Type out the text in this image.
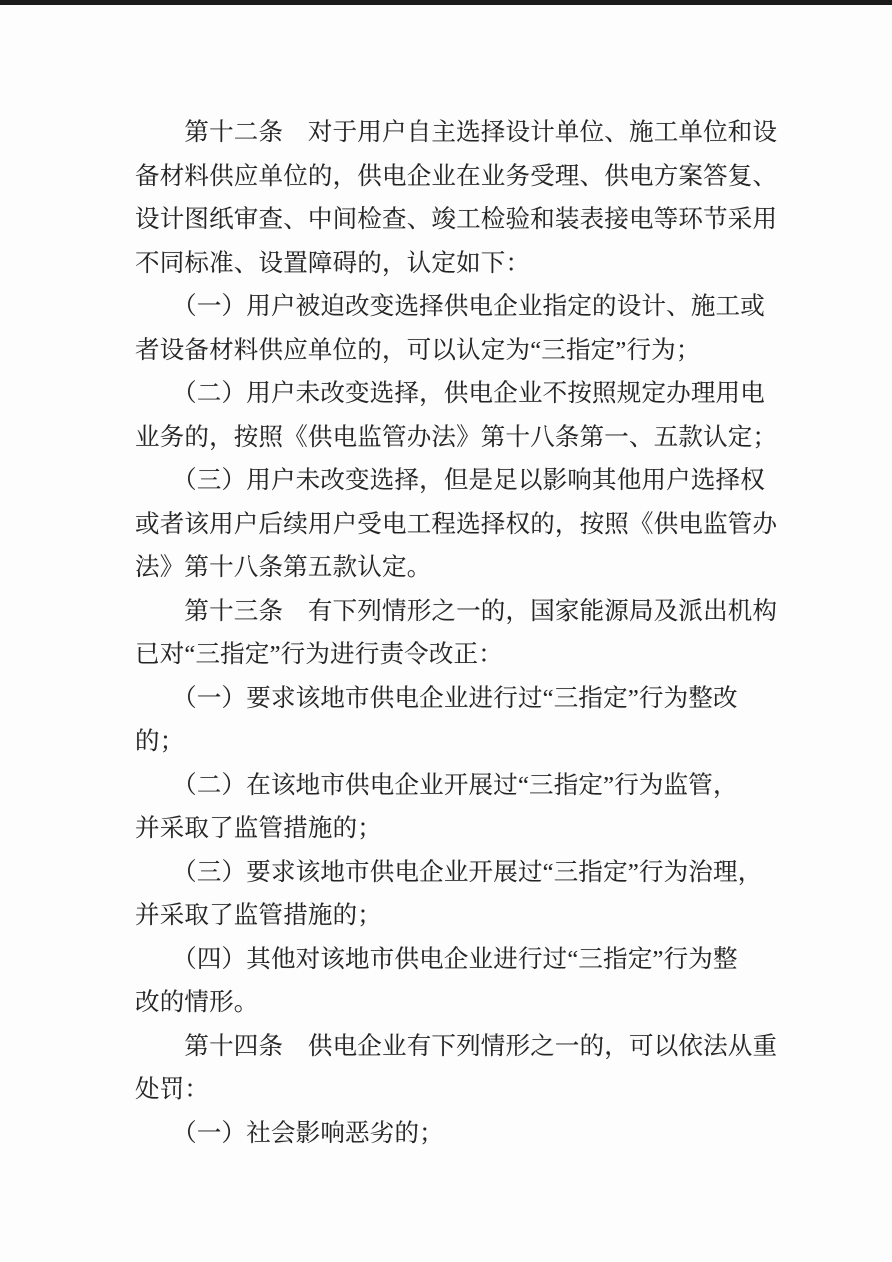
　　第十二条　对于用户自主选择设计单位、施工单位和设
备材料供应单位的，供电企业在业务受理、供电方案答复、
设计图纸审查、中间检查、竣工检验和装表接电等环节采用
不同标准、设置障碍的，认定如下：
　　（一）用户被迫改变选择供电企业指定的设计、施工或
者设备材料供应单位的，可以认定为“三指定”行为；
　　（二）用户未改变选择，供电企业不按照规定办理用电
业务的，按照《供电监管办法》第十八条第一、五款认定；
　　（三）用户未改变选择，但是足以影响其他用户选择权
或者该用户后续用户受电工程选择权的，按照《供电监管办
法》第十八条第五款认定。
　　第十三条　有下列情形之一的，国家能源局及派出机构
已对“三指定”行为进行责令改正：
　　（一）要求该地市供电企业进行过“三指定”行为整改
的；
　　（二）在该地市供电企业开展过“三指定”行为监管，
并采取了监管措施的；
　　（三）要求该地市供电企业开展过“三指定”行为治理，
并采取了监管措施的；
　　（四）其他对该地市供电企业进行过“三指定”行为整
改的情形。
　　第十四条　供电企业有下列情形之一的，可以依法从重
处罚：
　　（一）社会影响恶劣的；
